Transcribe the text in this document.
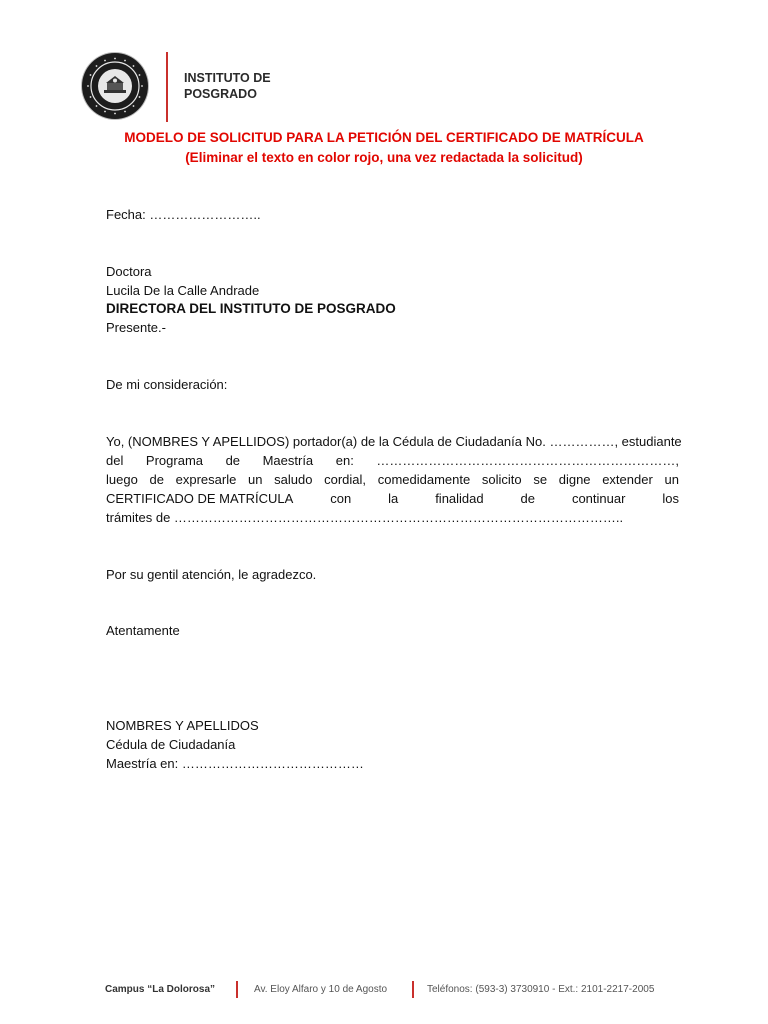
INSTITUTO DE
POSGRADO
MODELO DE SOLICITUD PARA LA PETICIÓN DEL CERTIFICADO DE MATRÍCULA
(Eliminar el texto en color rojo, una vez redactada la solicitud)
Fecha: ……………………..
Doctora
Lucila De la Calle Andrade
DIRECTORA DEL INSTITUTO DE POSGRADO
Presente.-
De mi consideración:
Yo, (NOMBRES Y APELLIDOS) portador(a) de la Cédula de Ciudadanía No. ……………, estudiante
del Programa de Maestría en: ……………………………………………………………,
luego de expresarle un saludo cordial, comedidamente solicito se digne extender un
CERTIFICADO DE MATRÍCULA	con	la	finalidad	de	continuar	los
trámites de …………………………………………………………………………………………..
Por su gentil atención, le agradezco.
Atentamente
NOMBRES Y APELLIDOS
Cédula de Ciudadanía
Maestría en: ……………………………………
Campus “La Dolorosa”	Av. Eloy Alfaro y 10 de Agosto	Teléfonos: (593-3) 3730910 - Ext.: 2101-2217-2005
